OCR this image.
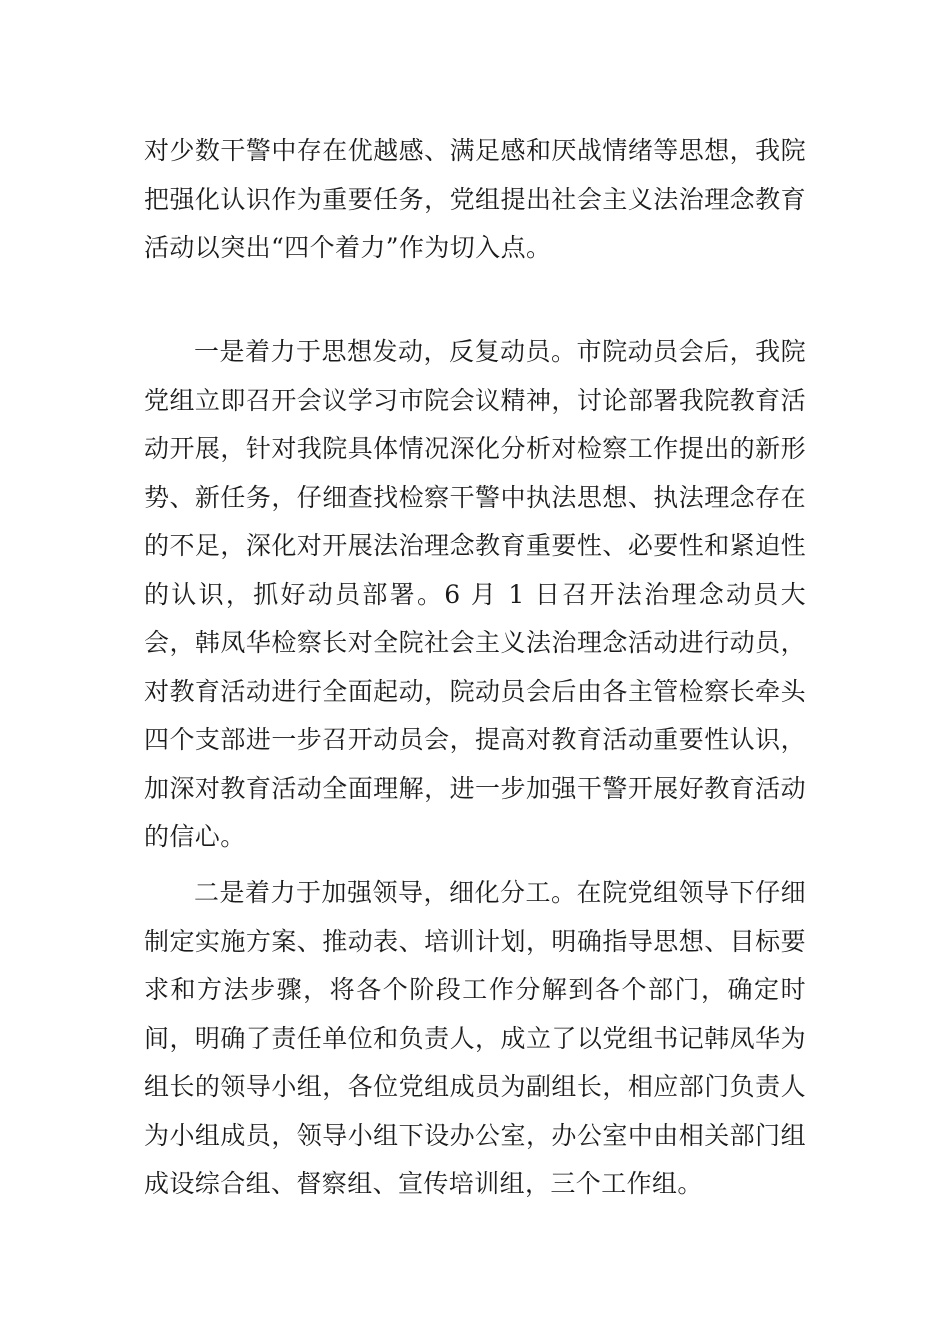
对少数干警中存在优越感、满足感和厌战情绪等思想，我院把强化认识作为重要任务，党组提出社会主义法治理念教育活动以突出“四个着力”作为切入点。

一是着力于思想发动，反复动员。市院动员会后，我院党组立即召开会议学习市院会议精神，讨论部署我院教育活动开展，针对我院具体情况深化分析对检察工作提出的新形势、新任务，仔细查找检察干警中执法思想、执法理念存在的不足，深化对开展法治理念教育重要性、必要性和紧迫性的认识，抓好动员部署。6 月 1 日召开法治理念动员大会，韩凤华检察长对全院社会主义法治理念活动进行动员，对教育活动进行全面起动，院动员会后由各主管检察长牵头四个支部进一步召开动员会，提高对教育活动重要性认识，加深对教育活动全面理解，进一步加强干警开展好教育活动的信心。

二是着力于加强领导，细化分工。在院党组领导下仔细制定实施方案、推动表、培训计划，明确指导思想、目标要求和方法步骤，将各个阶段工作分解到各个部门，确定时间，明确了责任单位和负责人，成立了以党组书记韩凤华为组长的领导小组，各位党组成员为副组长，相应部门负责人为小组成员，领导小组下设办公室，办公室中由相关部门组成设综合组、督察组、宣传培训组，三个工作组。
